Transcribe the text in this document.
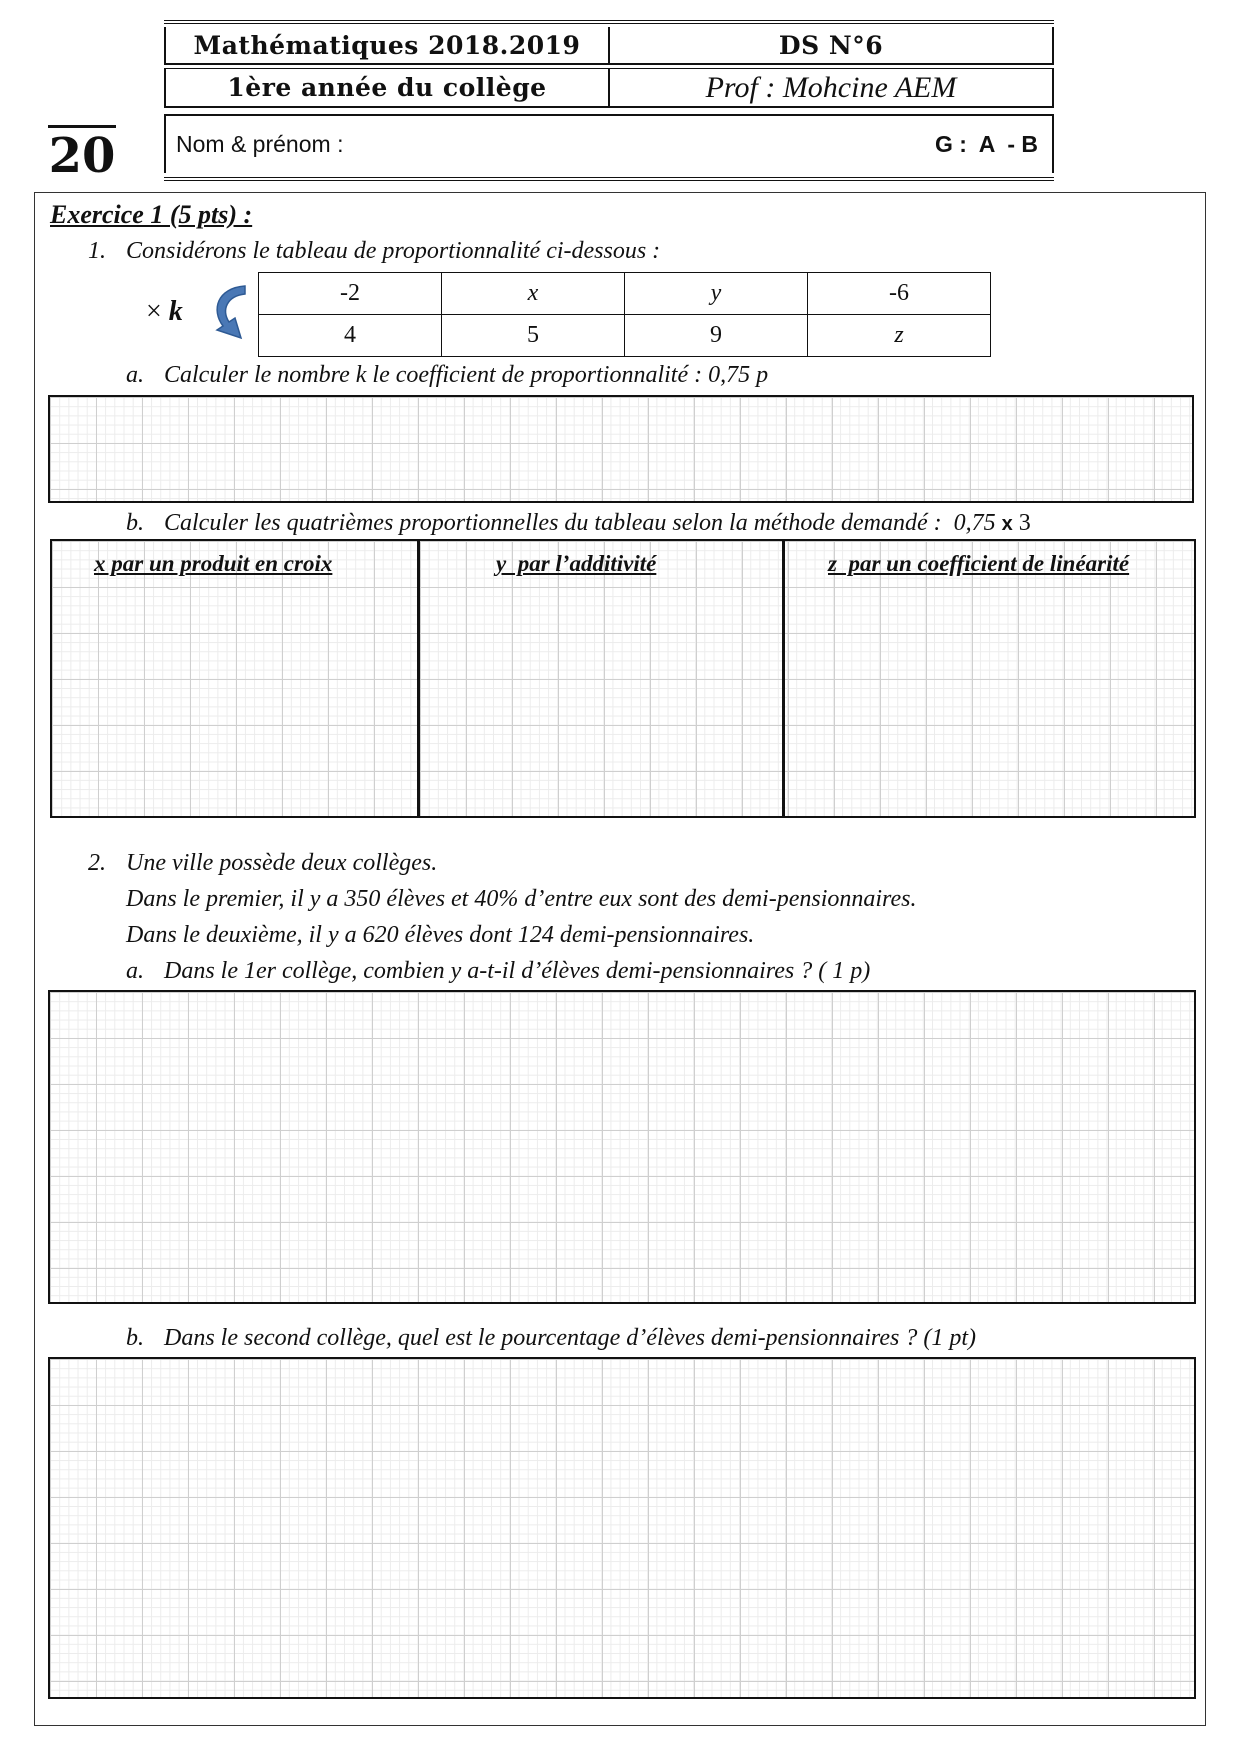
Mathématiques 2018.2019	DS N°6
1ère année du collège	Prof : Mohcine AEM
Nom & prénom :	G :  A  - B
20
Exercice 1 (5 pts) :
1. Considérons le tableau de proportionnalité ci-dessous :
× k
-2	x	y	-6
4	5	9	z
a. Calculer le nombre k le coefficient de proportionnalité : 0,75 p
b. Calculer les quatrièmes proportionnelles du tableau selon la méthode demandé : 0,75 x 3
x par un produit en croix	y  par l’additivité	z  par un coefficient de linéarité
2. Une ville possède deux collèges.
Dans le premier, il y a 350 élèves et 40% d’entre eux sont des demi-pensionnaires.
Dans le deuxième, il y a 620 élèves dont 124 demi-pensionnaires.
a. Dans le 1er collège, combien y a-t-il d’élèves demi-pensionnaires ? ( 1 p)
b. Dans le second collège, quel est le pourcentage d’élèves demi-pensionnaires ? (1 pt)
